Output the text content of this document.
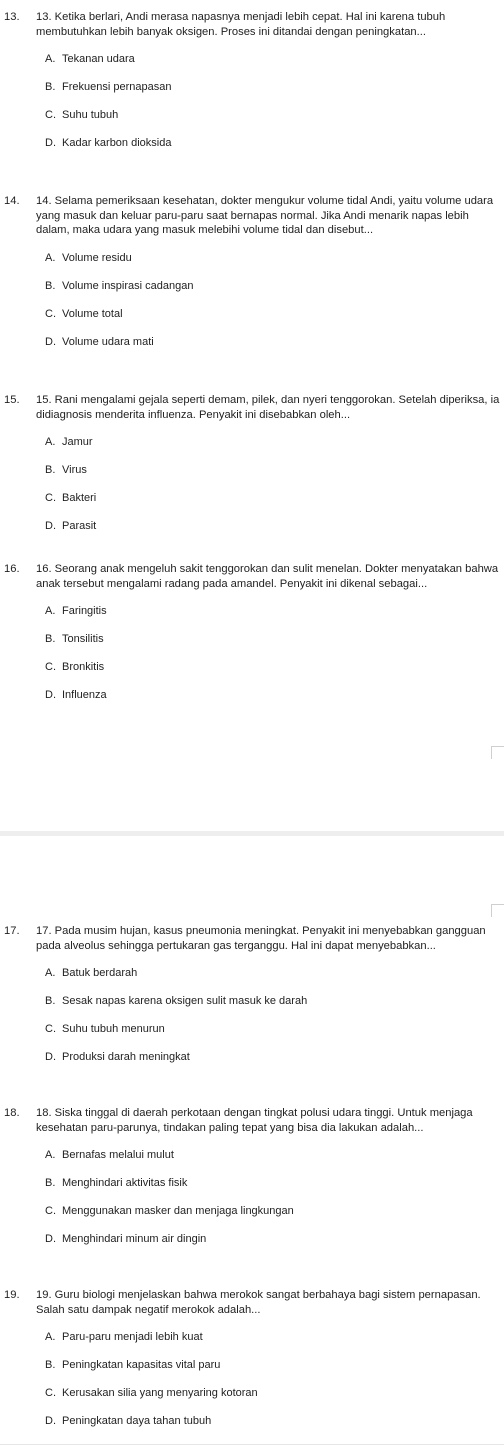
13. 13. Ketika berlari, Andi merasa napasnya menjadi lebih cepat. Hal ini karena tubuh membutuhkan lebih banyak oksigen. Proses ini ditandai dengan peningkatan...
A. Tekanan udara
B. Frekuensi pernapasan
C. Suhu tubuh
D. Kadar karbon dioksida
14. 14. Selama pemeriksaan kesehatan, dokter mengukur volume tidal Andi, yaitu volume udara yang masuk dan keluar paru-paru saat bernapas normal. Jika Andi menarik napas lebih dalam, maka udara yang masuk melebihi volume tidal dan disebut...
A. Volume residu
B. Volume inspirasi cadangan
C. Volume total
D. Volume udara mati
15. 15. Rani mengalami gejala seperti demam, pilek, dan nyeri tenggorokan. Setelah diperiksa, ia didiagnosis menderita influenza. Penyakit ini disebabkan oleh...
A. Jamur
B. Virus
C. Bakteri
D. Parasit
16. 16. Seorang anak mengeluh sakit tenggorokan dan sulit menelan. Dokter menyatakan bahwa anak tersebut mengalami radang pada amandel. Penyakit ini dikenal sebagai...
A. Faringitis
B. Tonsilitis
C. Bronkitis
D. Influenza
17. 17. Pada musim hujan, kasus pneumonia meningkat. Penyakit ini menyebabkan gangguan pada alveolus sehingga pertukaran gas terganggu. Hal ini dapat menyebabkan...
A. Batuk berdarah
B. Sesak napas karena oksigen sulit masuk ke darah
C. Suhu tubuh menurun
D. Produksi darah meningkat
18. 18. Siska tinggal di daerah perkotaan dengan tingkat polusi udara tinggi. Untuk menjaga kesehatan paru-parunya, tindakan paling tepat yang bisa dia lakukan adalah...
A. Bernafas melalui mulut
B. Menghindari aktivitas fisik
C. Menggunakan masker dan menjaga lingkungan
D. Menghindari minum air dingin
19. 19. Guru biologi menjelaskan bahwa merokok sangat berbahaya bagi sistem pernapasan. Salah satu dampak negatif merokok adalah...
A. Paru-paru menjadi lebih kuat
B. Peningkatan kapasitas vital paru
C. Kerusakan silia yang menyaring kotoran
D. Peningkatan daya tahan tubuh
